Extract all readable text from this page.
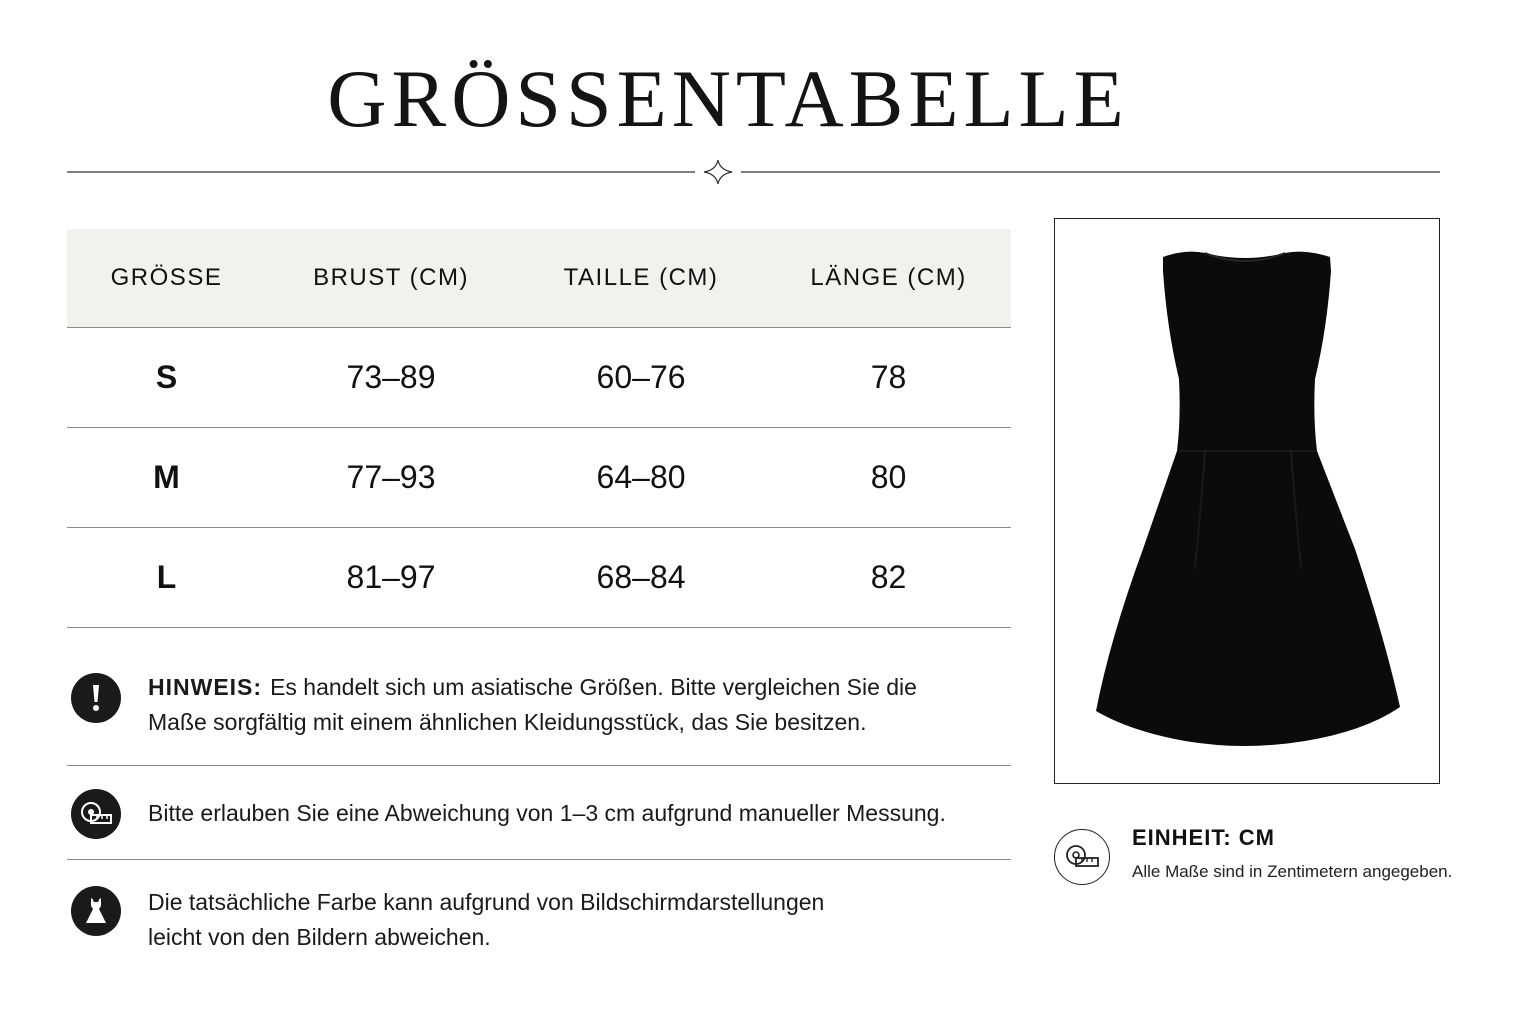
GRÖSSENTABELLE
GRÖSSE	BRUST (CM)	TAILLE (CM)	LÄNGE (CM)
S	73–89	60–76	78
M	77–93	64–80	80
L	81–97	68–84	82
HINWEIS: Es handelt sich um asiatische Größen. Bitte vergleichen Sie die
Maße sorgfältig mit einem ähnlichen Kleidungsstück, das Sie besitzen.
Bitte erlauben Sie eine Abweichung von 1–3 cm aufgrund manueller Messung.
Die tatsächliche Farbe kann aufgrund von Bildschirmdarstellungen
leicht von den Bildern abweichen.
EINHEIT: CM
Alle Maße sind in Zentimetern angegeben.
